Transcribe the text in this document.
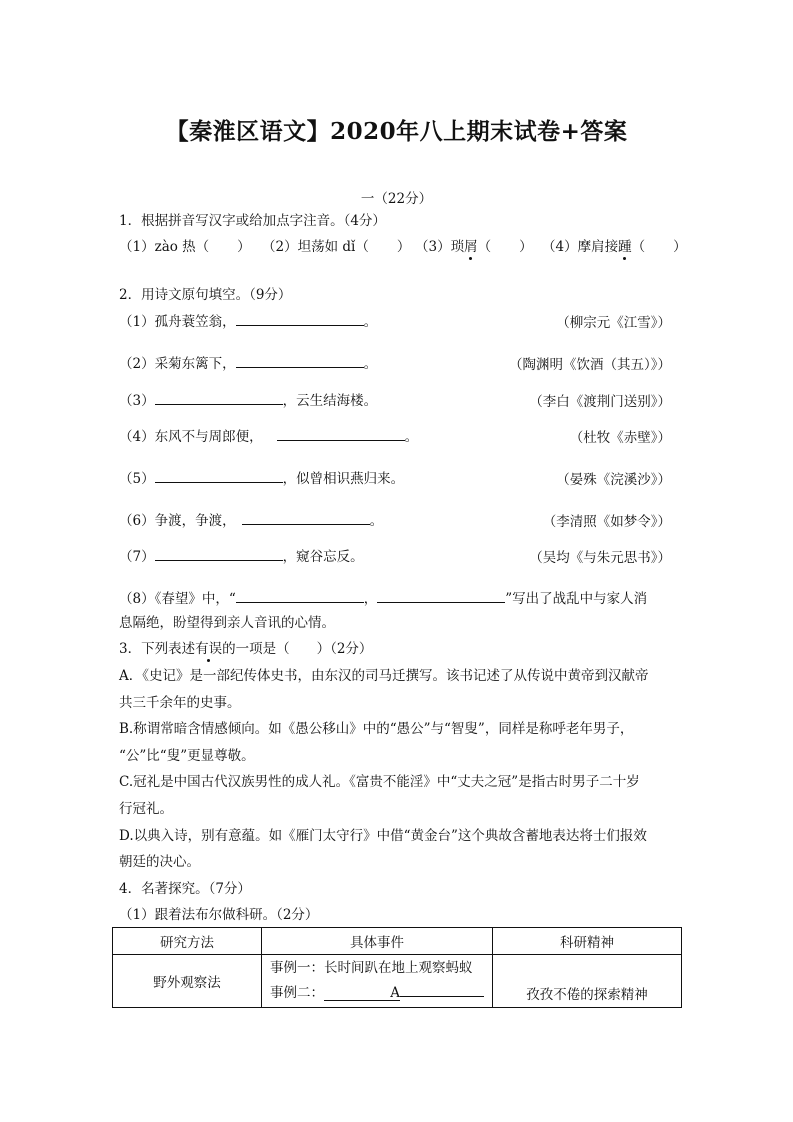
【秦淮区语文】2020年八上期末试卷+答案
一（22分）
1．根据拼音写汉字或给加点字注音。（4分）
（1）zào 热（ ） （2）坦荡如 dǐ（ ） （3）琐屑（ ） （4）摩肩接踵（ ）
2．用诗文原句填空。（9分）
（1）孤舟蓑笠翁，	。	（柳宗元《江雪》）
（2）采菊东篱下，	。	（陶渊明《饮酒（其五）》）
（3）	，云生结海楼。	（李白《渡荆门送别》）
（4）东风不与周郎便，	。	（杜牧《赤壁》）
（5）	，似曾相识燕归来。	（晏殊《浣溪沙》）
（6）争渡，争渡，	。	（李清照《如梦令》）
（7）	，窥谷忘反。	（吴均《与朱元思书》）
（8）《春望》中，“	，	”写出了战乱中与家人消
息隔绝，盼望得到亲人音讯的心情。
3．下列表述有误的一项是（　　）（2分）
A．《史记》是一部纪传体史书，由东汉的司马迁撰写。该书记述了从传说中黄帝到汉献帝
共三千余年的史事。
B.称谓常暗含情感倾向。如《愚公移山》中的“愚公”与“智叟”，同样是称呼老年男子，
“公”比“叟”更显尊敬。
C.冠礼是中国古代汉族男性的成人礼。《富贵不能淫》中“丈夫之冠”是指古时男子二十岁
行冠礼。
D.以典入诗，别有意蕴。如《雁门太守行》中借“黄金台”这个典故含蓄地表达将士们报效
朝廷的决心。
4．名著探究。（7分）
（1）跟着法布尔做科研。（2分）
研究方法	具体事件	科研精神
野外观察法	事例一：长时间趴在地上观察蚂蚁
事例二： A	孜孜不倦的探索精神
